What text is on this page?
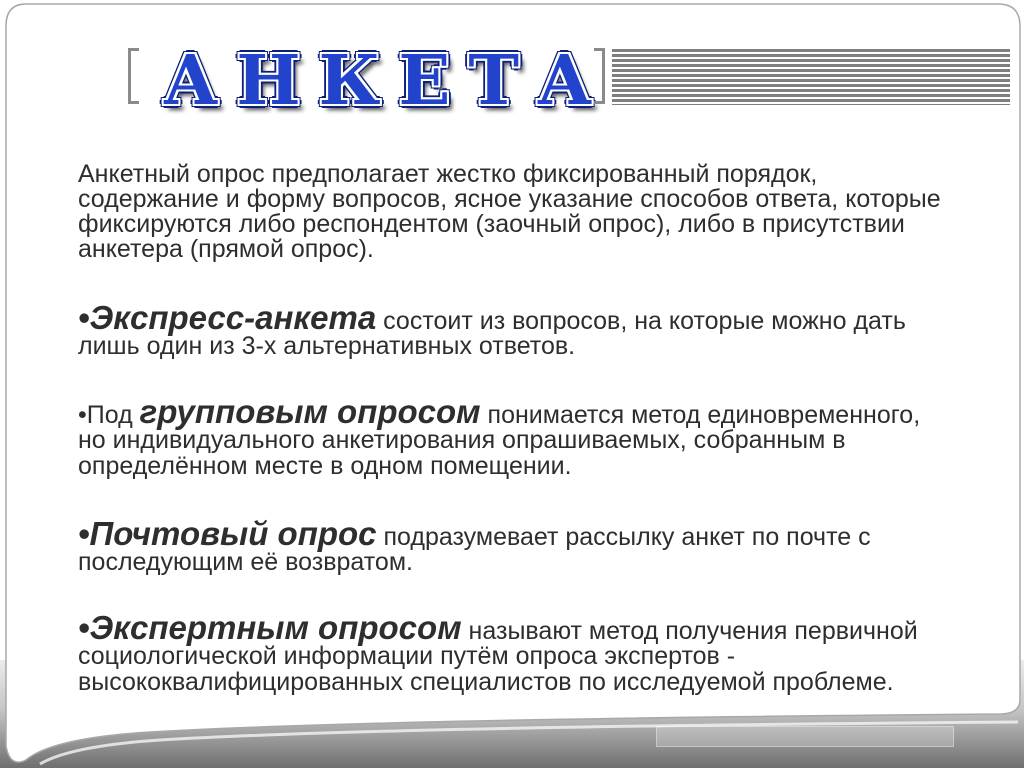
АНКЕТА
Анкетный опрос предполагает жестко фиксированный порядок,
содержание и форму вопросов, ясное указание способов ответа, которые
фиксируются либо респондентом (заочный опрос), либо в присутствии
анкетера (прямой опрос).
•Экспресс-анкета состоит из вопросов, на которые можно дать
лишь один из 3-х альтернативных ответов.
•Под групповым опросом понимается метод единовременного,
но индивидуального анкетирования опрашиваемых, собранным в
определённом месте в одном помещении.
•Почтовый опрос подразумевает рассылку анкет по почте с
последующим её возвратом.
•Экспертным опросом называют метод получения первичной
социологической информации путём опроса экспертов -
высококвалифицированных специалистов по исследуемой проблеме.
